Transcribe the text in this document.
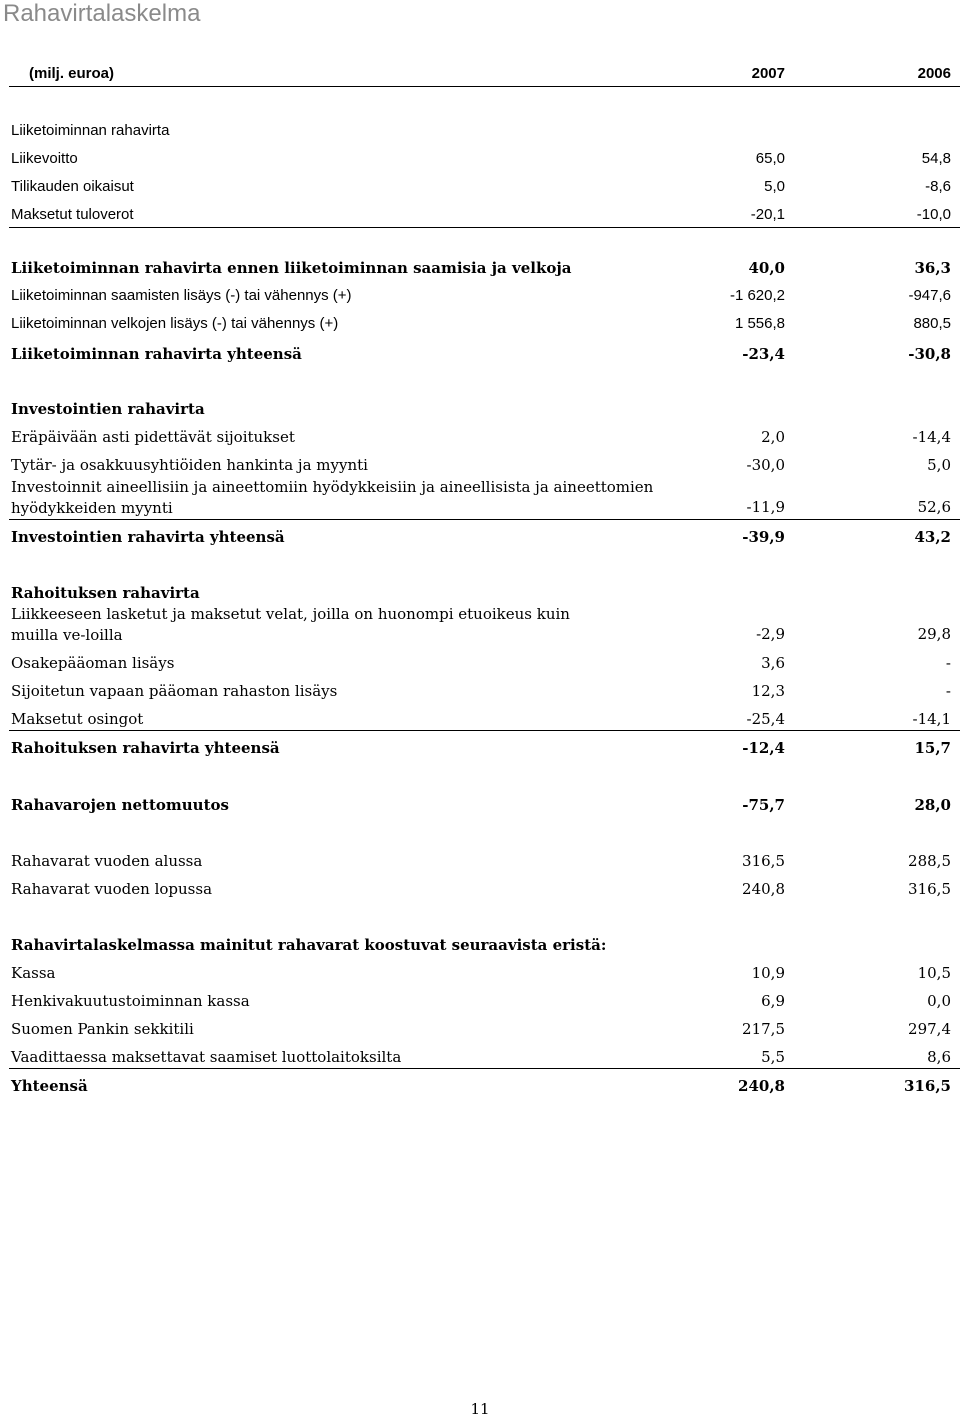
Rahavirtalaskelma
(milj. euroa)	2007	2006
Liiketoiminnan rahavirta
Liikevoitto	65,0	54,8
Tilikauden oikaisut	5,0	-8,6
Maksetut tuloverot	-20,1	-10,0
Liiketoiminnan rahavirta ennen liiketoiminnan saamisia ja velkoja	40,0	36,3
Liiketoiminnan saamisten lisäys (-) tai vähennys (+)	-1 620,2	-947,6
Liiketoiminnan velkojen lisäys (-) tai vähennys (+)	1 556,8	880,5
Liiketoiminnan rahavirta yhteensä	-23,4	-30,8
Investointien rahavirta
Eräpäivään asti pidettävät sijoitukset	2,0	-14,4
Tytär- ja osakkuusyhtiöiden hankinta ja myynti	-30,0	5,0
Investoinnit aineellisiin ja aineettomiin hyödykkeisiin ja aineellisista ja aineettomien hyödykkeiden myynti	-11,9	52,6
Investointien rahavirta yhteensä	-39,9	43,2
Rahoituksen rahavirta
Liikkeeseen lasketut ja maksetut velat, joilla on huonompi etuoikeus kuin muilla ve-loilla	-2,9	29,8
Osakepääoman lisäys	3,6	-
Sijoitetun vapaan pääoman rahaston lisäys	12,3	-
Maksetut osingot	-25,4	-14,1
Rahoituksen rahavirta yhteensä	-12,4	15,7
Rahavarojen nettomuutos	-75,7	28,0
Rahavarat vuoden alussa	316,5	288,5
Rahavarat vuoden lopussa	240,8	316,5
Rahavirtalaskelmassa mainitut rahavarat koostuvat seuraavista eristä:
Kassa	10,9	10,5
Henkivakuutustoiminnan kassa	6,9	0,0
Suomen Pankin sekkitili	217,5	297,4
Vaadittaessa maksettavat saamiset luottolaitoksilta	5,5	8,6
Yhteensä	240,8	316,5
11
